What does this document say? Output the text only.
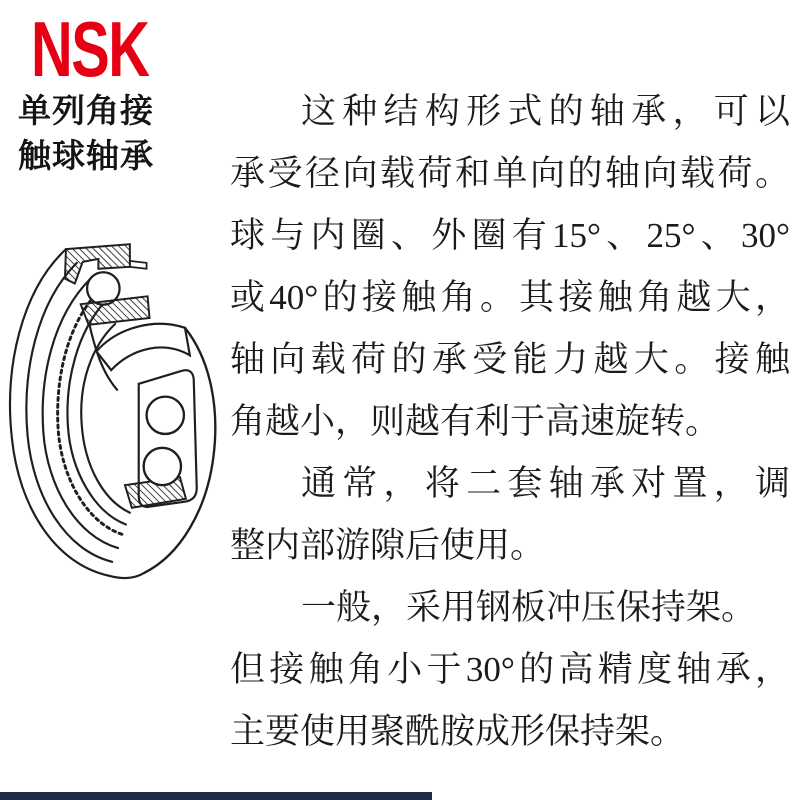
NSK
单列角接
触球轴承
这种结构形式的轴承，可以
承受径向载荷和单向的轴向载荷。
球与内圈、外圈有15°、25°、30°
或40°的接触角。其接触角越大，
轴向载荷的承受能力越大。接触
角越小，则越有利于高速旋转。
通常，将二套轴承对置，调
整内部游隙后使用。
一般，采用钢板冲压保持架。
但接触角小于30°的高精度轴承，
主要使用聚酰胺成形保持架。
